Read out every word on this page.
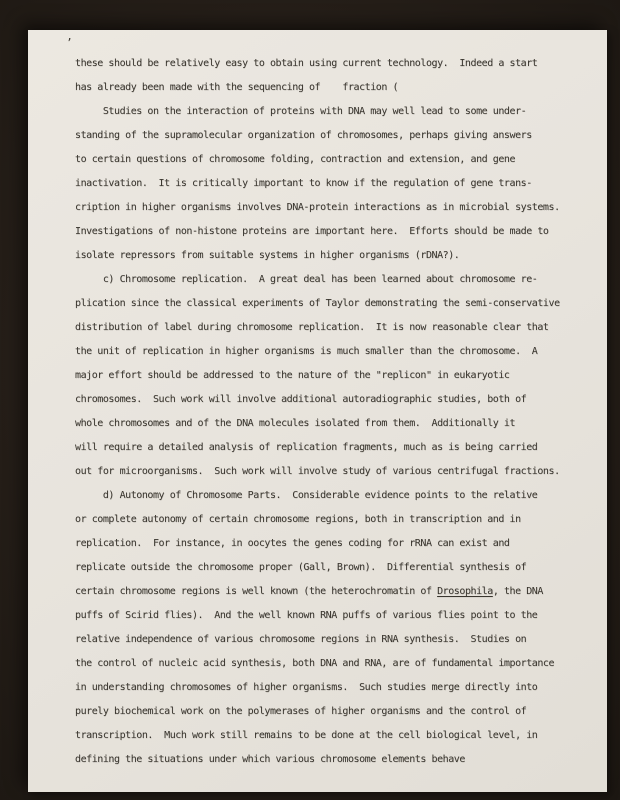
’
these should be relatively easy to obtain using current technology.  Indeed a start
has already been made with the sequencing of    fraction (
Studies on the interaction of proteins with DNA may well lead to some under-
standing of the supramolecular organization of chromosomes, perhaps giving answers
to certain questions of chromosome folding, contraction and extension, and gene
inactivation.  It is critically important to know if the regulation of gene trans-
cription in higher organisms involves DNA-protein interactions as in microbial systems.
Investigations of non-histone proteins are important here.  Efforts should be made to
isolate repressors from suitable systems in higher organisms (rDNA?).
c) Chromosome replication.  A great deal has been learned about chromosome re-
plication since the classical experiments of Taylor demonstrating the semi-conservative
distribution of label during chromosome replication.  It is now reasonable clear that
the unit of replication in higher organisms is much smaller than the chromosome.  A
major effort should be addressed to the nature of the "replicon" in eukaryotic
chromosomes.  Such work will involve additional autoradiographic studies, both of
whole chromosomes and of the DNA molecules isolated from them.  Additionally it
will require a detailed analysis of replication fragments, much as is being carried
out for microorganisms.  Such work will involve study of various centrifugal fractions.
d) Autonomy of Chromosome Parts.  Considerable evidence points to the relative
or complete autonomy of certain chromosome regions, both in transcription and in
replication.  For instance, in oocytes the genes coding for rRNA can exist and
replicate outside the chromosome proper (Gall, Brown).  Differential synthesis of
certain chromosome regions is well known (the heterochromatin of Drosophila, the DNA
puffs of Scirid flies).  And the well known RNA puffs of various flies point to the
relative independence of various chromosome regions in RNA synthesis.  Studies on
the control of nucleic acid synthesis, both DNA and RNA, are of fundamental importance
in understanding chromosomes of higher organisms.  Such studies merge directly into
purely biochemical work on the polymerases of higher organisms and the control of
transcription.  Much work still remains to be done at the cell biological level, in
defining the situations under which various chromosome elements behave
